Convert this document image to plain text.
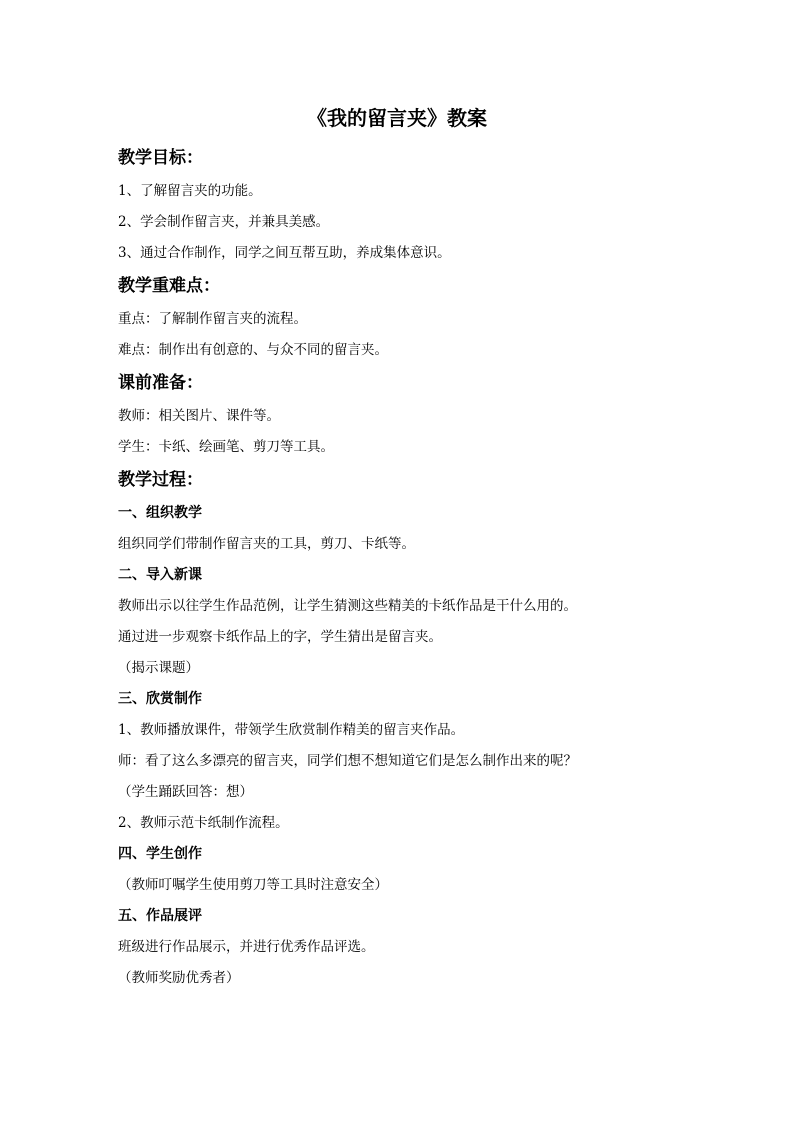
《我的留言夹》教案
教学目标：
1、了解留言夹的功能。
2、学会制作留言夹，并兼具美感。
3、通过合作制作，同学之间互帮互助，养成集体意识。
教学重难点：
重点：了解制作留言夹的流程。
难点：制作出有创意的、与众不同的留言夹。
课前准备：
教师：相关图片、课件等。
学生：卡纸、绘画笔、剪刀等工具。
教学过程：
一、组织教学
组织同学们带制作留言夹的工具，剪刀、卡纸等。
二、导入新课
教师出示以往学生作品范例，让学生猜测这些精美的卡纸作品是干什么用的。
通过进一步观察卡纸作品上的字，学生猜出是留言夹。
（揭示课题）
三、欣赏制作
1、教师播放课件，带领学生欣赏制作精美的留言夹作品。
师：看了这么多漂亮的留言夹，同学们想不想知道它们是怎么制作出来的呢？
（学生踊跃回答：想）
2、教师示范卡纸制作流程。
四、学生创作
（教师叮嘱学生使用剪刀等工具时注意安全）
五、作品展评
班级进行作品展示，并进行优秀作品评选。
（教师奖励优秀者）
